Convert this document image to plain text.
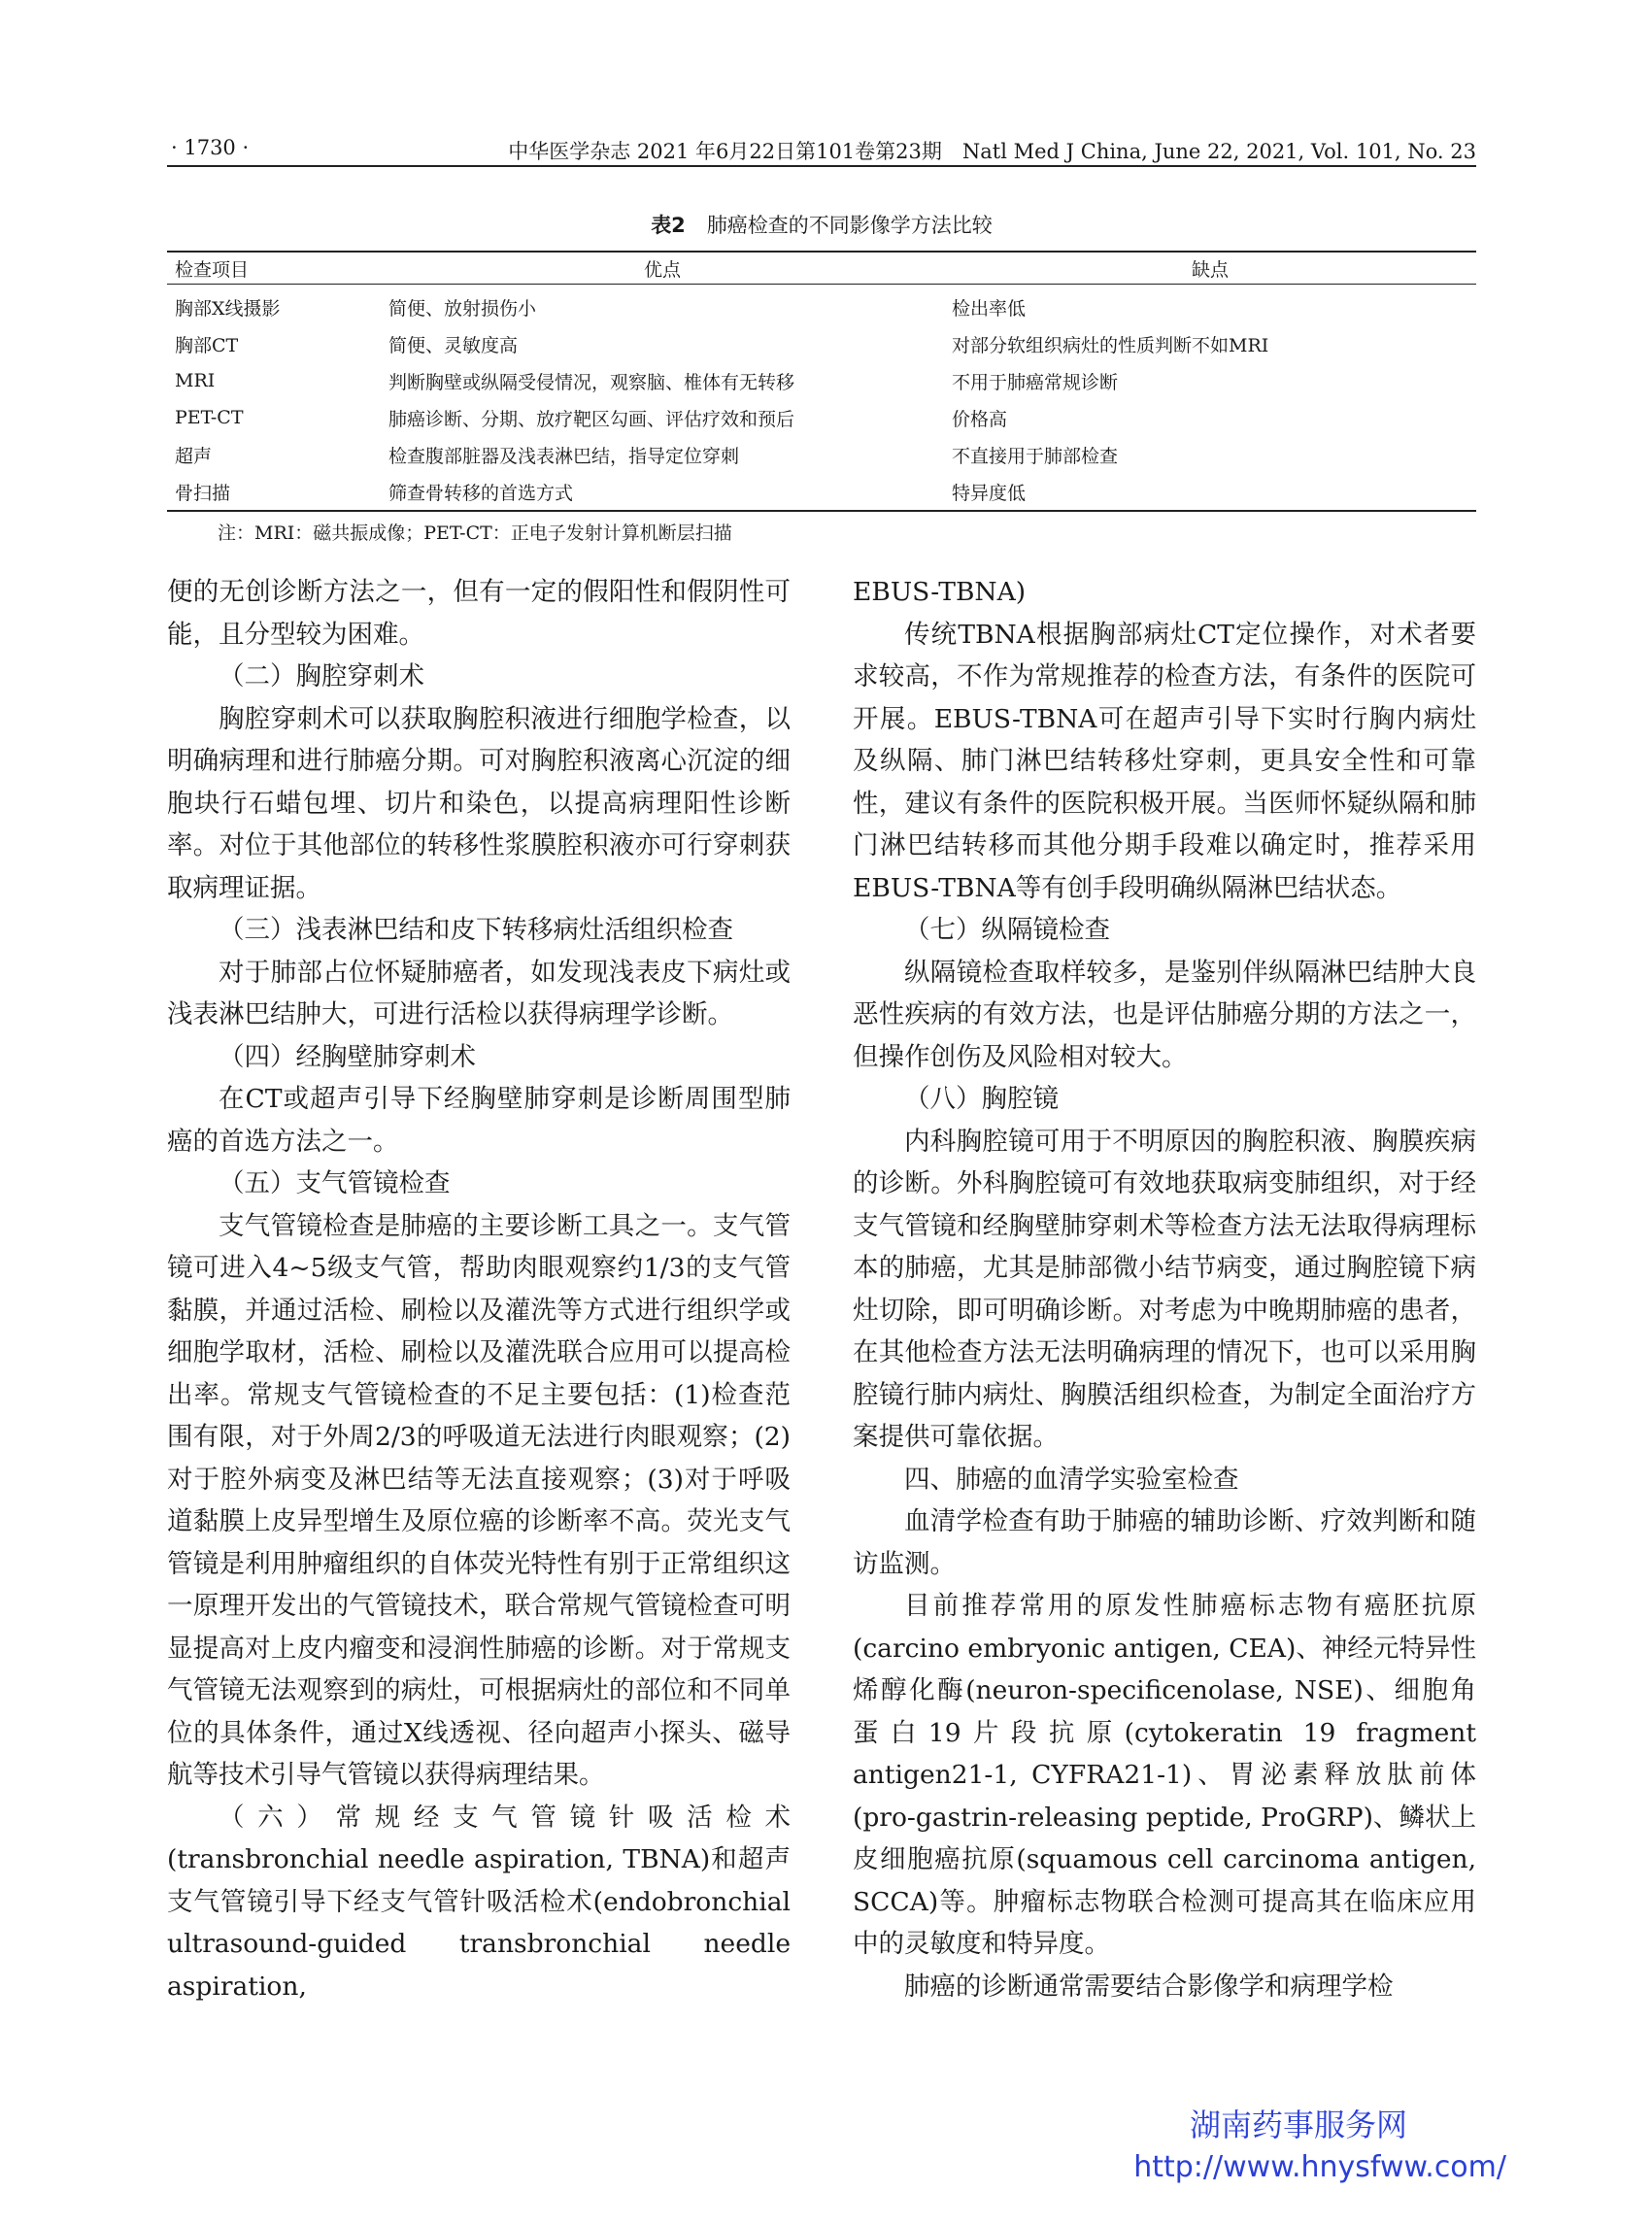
· 1730 ·	中华医学杂志 2021 年6月22日第101卷第23期　Natl Med J China, June 22, 2021, Vol. 101, No. 23
表2 肺癌检查的不同影像学方法比较
检查项目	优点	缺点
胸部X线摄影	简便、放射损伤小	检出率低
胸部CT	简便、灵敏度高	对部分软组织病灶的性质判断不如MRI
MRI	判断胸壁或纵隔受侵情况，观察脑、椎体有无转移	不用于肺癌常规诊断
PET-CT	肺癌诊断、分期、放疗靶区勾画、评估疗效和预后	价格高
超声	检查腹部脏器及浅表淋巴结，指导定位穿刺	不直接用于肺部检查
骨扫描	筛查骨转移的首选方式	特异度低
注：MRI：磁共振成像；PET-CT：正电子发射计算机断层扫描

便的无创诊断方法之一，但有一定的假阳性和假阴性可能，且分型较为困难。

（二）胸腔穿刺术

胸腔穿刺术可以获取胸腔积液进行细胞学检查，以明确病理和进行肺癌分期。可对胸腔积液离心沉淀的细胞块行石蜡包埋、切片和染色，以提高病理阳性诊断率。对位于其他部位的转移性浆膜腔积液亦可行穿刺获取病理证据。

（三）浅表淋巴结和皮下转移病灶活组织检查

对于肺部占位怀疑肺癌者，如发现浅表皮下病灶或浅表淋巴结肿大，可进行活检以获得病理学诊断。

（四）经胸壁肺穿刺术

在CT或超声引导下经胸壁肺穿刺是诊断周围型肺癌的首选方法之一。

（五）支气管镜检查

支气管镜检查是肺癌的主要诊断工具之一。支气管镜可进入4~5级支气管，帮助肉眼观察约1/3的支气管黏膜，并通过活检、刷检以及灌洗等方式进行组织学或细胞学取材，活检、刷检以及灌洗联合应用可以提高检出率。常规支气管镜检查的不足主要包括：(1)检查范围有限，对于外周2/3的呼吸道无法进行肉眼观察；(2)对于腔外病变及淋巴结等无法直接观察；(3)对于呼吸道黏膜上皮异型增生及原位癌的诊断率不高。荧光支气管镜是利用肿瘤组织的自体荧光特性有别于正常组织这一原理开发出的气管镜技术，联合常规气管镜检查可明显提高对上皮内瘤变和浸润性肺癌的诊断。对于常规支气管镜无法观察到的病灶，可根据病灶的部位和不同单位的具体条件，通过X线透视、径向超声小探头、磁导航等技术引导气管镜以获得病理结果。

（六）常规经支气管镜针吸活检术(transbronchial needle aspiration, TBNA)和超声支气管镜引导下经支气管针吸活检术(endobronchial ultrasound-guided transbronchial needle aspiration,

EBUS-TBNA)

传统TBNA根据胸部病灶CT定位操作，对术者要求较高，不作为常规推荐的检查方法，有条件的医院可开展。EBUS-TBNA可在超声引导下实时行胸内病灶及纵隔、肺门淋巴结转移灶穿刺，更具安全性和可靠性，建议有条件的医院积极开展。当医师怀疑纵隔和肺门淋巴结转移而其他分期手段难以确定时，推荐采用EBUS-TBNA等有创手段明确纵隔淋巴结状态。

（七）纵隔镜检查

纵隔镜检查取样较多，是鉴别伴纵隔淋巴结肿大良恶性疾病的有效方法，也是评估肺癌分期的方法之一，但操作创伤及风险相对较大。

（八）胸腔镜

内科胸腔镜可用于不明原因的胸腔积液、胸膜疾病的诊断。外科胸腔镜可有效地获取病变肺组织，对于经支气管镜和经胸壁肺穿刺术等检查方法无法取得病理标本的肺癌，尤其是肺部微小结节病变，通过胸腔镜下病灶切除，即可明确诊断。对考虑为中晚期肺癌的患者，在其他检查方法无法明确病理的情况下，也可以采用胸腔镜行肺内病灶、胸膜活组织检查，为制定全面治疗方案提供可靠依据。

四、肺癌的血清学实验室检查

血清学检查有助于肺癌的辅助诊断、疗效判断和随访监测。

目前推荐常用的原发性肺癌标志物有癌胚抗原(carcino embryonic antigen, CEA)、神经元特异性烯醇化酶(neuron-specificenolase, NSE)、细胞角蛋白19片段抗原(cytokeratin 19 fragment antigen21-1, CYFRA21-1)、胃泌素释放肽前体(pro-gastrin-releasing peptide, ProGRP)、鳞状上皮细胞癌抗原(squamous cell carcinoma antigen, SCCA)等。肿瘤标志物联合检测可提高其在临床应用中的灵敏度和特异度。

肺癌的诊断通常需要结合影像学和病理学检

湖南药事服务网
http://www.hnysfww.com/
